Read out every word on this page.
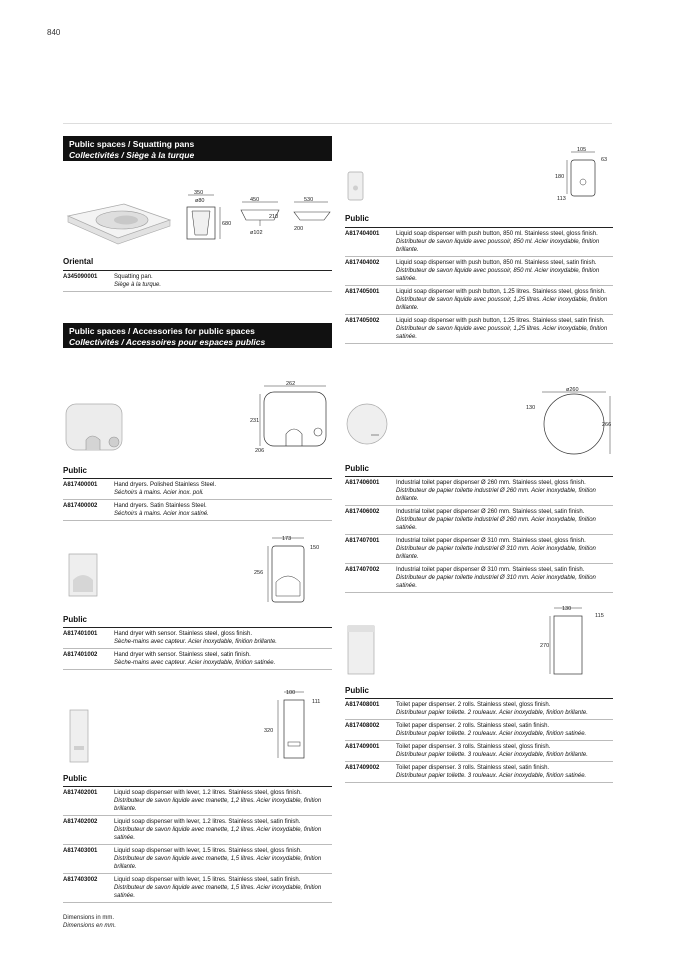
840
Public spaces / Squatting pans
Collectivités / Siège à la turque
350
ø80
680
450
210
ø102
530
200
Oriental
A345090001	Squatting pan.
Siège à la turque.
Public spaces / Accessories for public spaces
Collectivités / Accessoires pour espaces publics
262
231
206
Public
A817400001	Hand dryers. Polished Stainless Steel.
Séchoirs à mains. Acier inox. poli.
A817400002	Hand dryers. Satin Stainless Steel.
Séchoirs à mains. Acier inox satiné.
173
150
256
Public
A817401001	Hand dryer with sensor. Stainless steel, gloss finish.
Sèche-mains avec capteur. Acier inoxydable, finition brillante.
A817401002	Hand dryer with sensor. Stainless steel, satin finish.
Sèche-mains avec capteur. Acier inoxydable, finition satinée.
100
111
320
Public
A817402001	Liquid soap dispenser with lever, 1.2 litres. Stainless steel, gloss finish.
Distributeur de savon liquide avec manette, 1,2 litres. Acier inoxydable, finition brillante.
A817402002	Liquid soap dispenser with lever, 1.2 litres. Stainless steel, satin finish.
Distributeur de savon liquide avec manette, 1,2 litres. Acier inoxydable, finition satinée.
A817403001	Liquid soap dispenser with lever, 1.5 litres. Stainless steel, gloss finish.
Distributeur de savon liquide avec manette, 1,5 litres. Acier inoxydable, finition brillante.
A817403002	Liquid soap dispenser with lever, 1.5 litres. Stainless steel, satin finish.
Distributeur de savon liquide avec manette, 1,5 litres. Acier inoxydable, finition satinée.
105
63
180
113
Public
A817404001	Liquid soap dispenser with push button, 850 ml. Stainless steel, gloss finish.
Distributeur de savon liquide avec poussoir, 850 ml. Acier inoxydable, finition brillante.
A817404002	Liquid soap dispenser with push button, 850 ml. Stainless steel, satin finish.
Distributeur de savon liquide avec poussoir, 850 ml. Acier inoxydable, finition satinée.
A817405001	Liquid soap dispenser with push button, 1.25 litres. Stainless steel, gloss finish.
Distributeur de savon liquide avec poussoir, 1,25 litres. Acier inoxydable, finition brillante.
A817405002	Liquid soap dispenser with push button, 1.25 litres. Stainless steel, satin finish.
Distributeur de savon liquide avec poussoir, 1,25 litres. Acier inoxydable, finition satinée.
ø260
130
266
Public
A817406001	Industrial toilet paper dispenser Ø 260 mm. Stainless steel, gloss finish.
Distributeur de papier toilette industriel Ø 260 mm. Acier inoxydable, finition brillante.
A817406002	Industrial toilet paper dispenser Ø 260 mm. Stainless steel, satin finish.
Distributeur de papier toilette industriel Ø 260 mm. Acier inoxydable, finition satinée.
A817407001	Industrial toilet paper dispenser Ø 310 mm. Stainless steel, gloss finish.
Distributeur de papier toilette industriel Ø 310 mm. Acier inoxydable, finition brillante.
A817407002	Industrial toilet paper dispenser Ø 310 mm. Stainless steel, satin finish.
Distributeur de papier toilette industriel Ø 310 mm. Acier inoxydable, finition satinée.
130
115
270
Public
A817408001	Toilet paper dispenser. 2 rolls. Stainless steel, gloss finish.
Distributeur papier toilette. 2 rouleaux. Acier inoxydable, finition brillante.
A817408002	Toilet paper dispenser. 2 rolls. Stainless steel, satin finish.
Distributeur papier toilette. 2 rouleaux. Acier inoxydable, finition satinée.
A817409001	Toilet paper dispenser. 3 rolls. Stainless steel, gloss finish.
Distributeur papier toilette. 3 rouleaux. Acier inoxydable, finition brillante.
A817409002	Toilet paper dispenser. 3 rolls. Stainless steel, satin finish.
Distributeur papier toilette. 3 rouleaux. Acier inoxydable, finition satinée.
Dimensions in mm.
Dimensions en mm.
